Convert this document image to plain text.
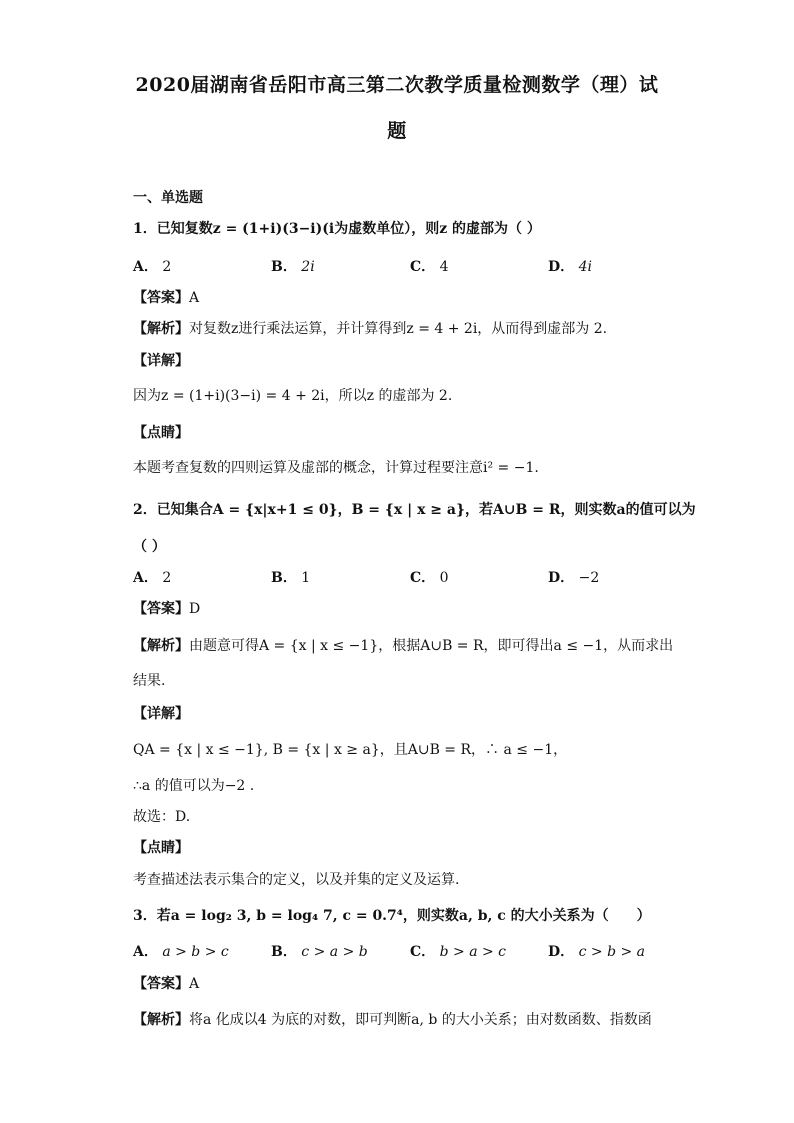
2020届湖南省岳阳市高三第二次教学质量检测数学（理）试
题
一、单选题
1．已知复数z = (1+i)(3−i)(i为虚数单位），则z 的虚部为（ ）
A． 2	B． 2i	C． 4	D． 4i
【答案】A
【解析】对复数z进行乘法运算，并计算得到z = 4 + 2i，从而得到虚部为 2.
【详解】
因为z = (1+i)(3−i) = 4 + 2i，所以z 的虚部为 2.
【点睛】
本题考查复数的四则运算及虚部的概念，计算过程要注意i² = −1.
2．已知集合A = {x|x+1 ≤ 0}，B = {x | x ≥ a}，若A∪B = R，则实数a的值可以为
（ ）
A． 2	B． 1	C． 0	D． −2
【答案】D
【解析】由题意可得A = {x | x ≤ −1}，根据A∪B = R，即可得出a ≤ −1，从而求出
结果.
【详解】
QA = {x | x ≤ −1}, B = {x | x ≥ a}，且A∪B = R，∴ a ≤ −1，
∴a 的值可以为−2 .
故选：D.
【点睛】
考查描述法表示集合的定义，以及并集的定义及运算.
3．若a = log₂ 3, b = log₄ 7, c = 0.7⁴，则实数a, b, c 的大小关系为（　　）
A． a > b > c	B． c > a > b	C． b > a > c	D． c > b > a
【答案】A
【解析】将a 化成以4 为底的对数，即可判断a, b 的大小关系；由对数函数、指数函
